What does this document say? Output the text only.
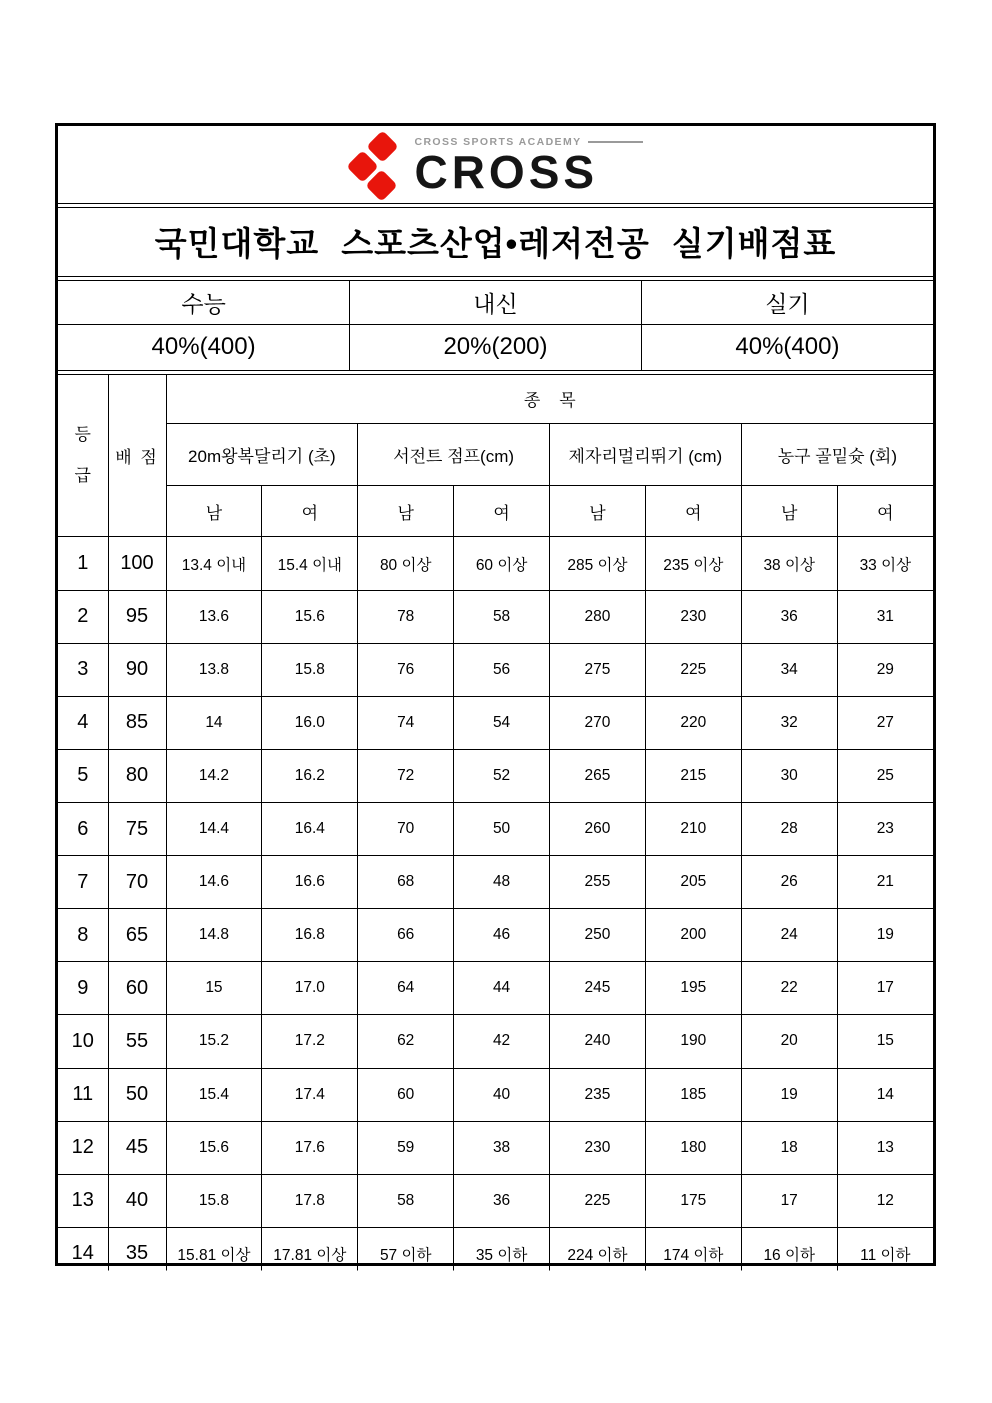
CROSS SPORTS ACADEMY
CROSS
국민대학교 스포츠산업•레저전공 실기배점표
수능	내신	실기
40%(400)	20%(200)	40%(400)

등급	배 점	종    목							
		20m왕복달리기 (초)		서전트 점프(cm)		제자리멀리뛰기 (cm)		농구 골밑슛 (회)	
		남	여	남	여	남	여	남	여
1	100	13.4 이내	15.4 이내	80 이상	60 이상	285 이상	235 이상	38 이상	33 이상
2	95	13.6	15.6	78	58	280	230	36	31
3	90	13.8	15.8	76	56	275	225	34	29
4	85	14	16.0	74	54	270	220	32	27
5	80	14.2	16.2	72	52	265	215	30	25
6	75	14.4	16.4	70	50	260	210	28	23
7	70	14.6	16.6	68	48	255	205	26	21
8	65	14.8	16.8	66	46	250	200	24	19
9	60	15	17.0	64	44	245	195	22	17
10	55	15.2	17.2	62	42	240	190	20	15
11	50	15.4	17.4	60	40	235	185	19	14
12	45	15.6	17.6	59	38	230	180	18	13
13	40	15.8	17.8	58	36	225	175	17	12
14	35	15.81 이상	17.81 이상	57 이하	35 이하	224 이하	174 이하	16 이하	11 이하
